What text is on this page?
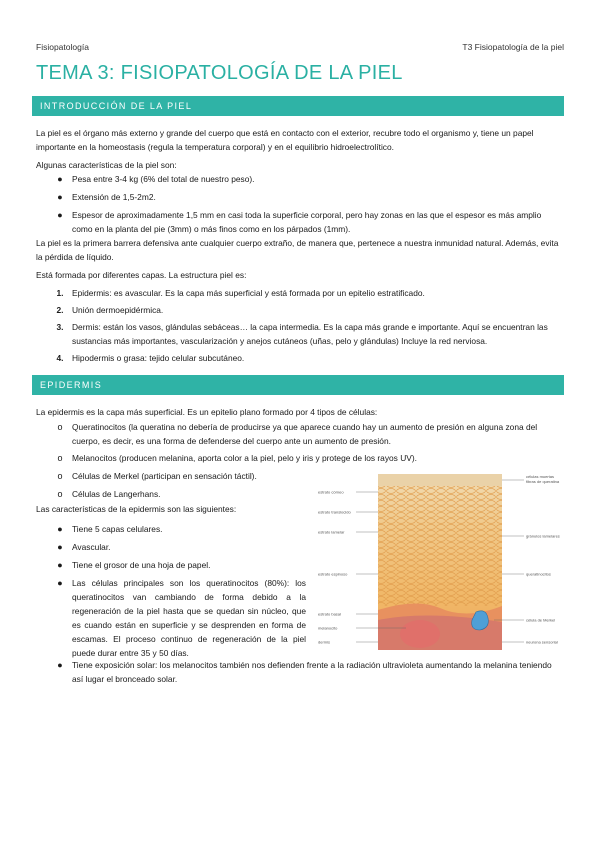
Fisiopatología	T3 Fisiopatología de la piel
TEMA 3: FISIOPATOLOGÍA DE LA PIEL
INTRODUCCIÓN DE LA PIEL
La piel es el órgano más externo y grande del cuerpo que está en contacto con el exterior, recubre todo el organismo y, tiene un papel importante en la homeostasis (regula la temperatura corporal) y en el equilibrio hidroelectrolítico.
Algunas características de la piel son:
●	Pesa entre 3-4 kg (6% del total de nuestro peso).
●	Extensión de 1,5-2m2.
●	Espesor de aproximadamente 1,5 mm en casi toda la superficie corporal, pero hay zonas en las que el espesor es más amplio como en la planta del pie (3mm) o más finos como en los párpados (1mm).
La piel es la primera barrera defensiva ante cualquier cuerpo extraño, de manera que, pertenece a nuestra inmunidad natural. Además, evita la pérdida de líquido.
Está formada por diferentes capas. La estructura piel es:
1. Epidermis: es avascular. Es la capa más superficial y está formada por un epitelio estratificado.
2. Unión dermoepidérmica.
3. Dermis: están los vasos, glándulas sebáceas… la capa intermedia. Es la capa más grande e importante. Aquí se encuentran las sustancias más importantes, vascularización y anejos cutáneos (uñas, pelo y glándulas) Incluye la red nerviosa.
4. Hipodermis o grasa: tejido celular subcutáneo.
EPIDERMIS
La epidermis es la capa más superficial. Es un epitelio plano formado por 4 tipos de células:
o	Queratinocitos (la queratina no debería de producirse ya que aparece cuando hay un aumento de presión en alguna zona del cuerpo, es decir, es una forma de defenderse del cuerpo ante un aumento de presión.
o	Melanocitos (producen melanina, aporta color a la piel, pelo y iris y protege de los rayos UV).
o	Células de Merkel (participan en sensación táctil).
o	Células de Langerhans.
Las características de la epidermis son las siguientes:
●	Tiene 5 capas celulares.
●	Avascular.
●	Tiene el grosor de una hoja de papel.
●	Las células principales son los queratinocitos (80%): los queratinocitos van cambiando de forma debido a la regeneración de la piel hasta que se quedan sin núcleo, que es cuando están en superficie y se desprenden en forma de escamas. El proceso continuo de regeneración de la piel puede durar entre 35 y 50 días.
●	Tiene exposición solar: los melanocitos también nos defienden frente a la radiación ultravioleta aumentando la melanina teniendo así lugar el bronceado solar.
estrato córneo
estrato translúcido
estrato lamelar
estrato espinoso
estrato basal
melanocito
dermis
células muertas
fibras de queratina
gránulos lamelares
queratinocitos
célula de Merkel
neurona sensorial
